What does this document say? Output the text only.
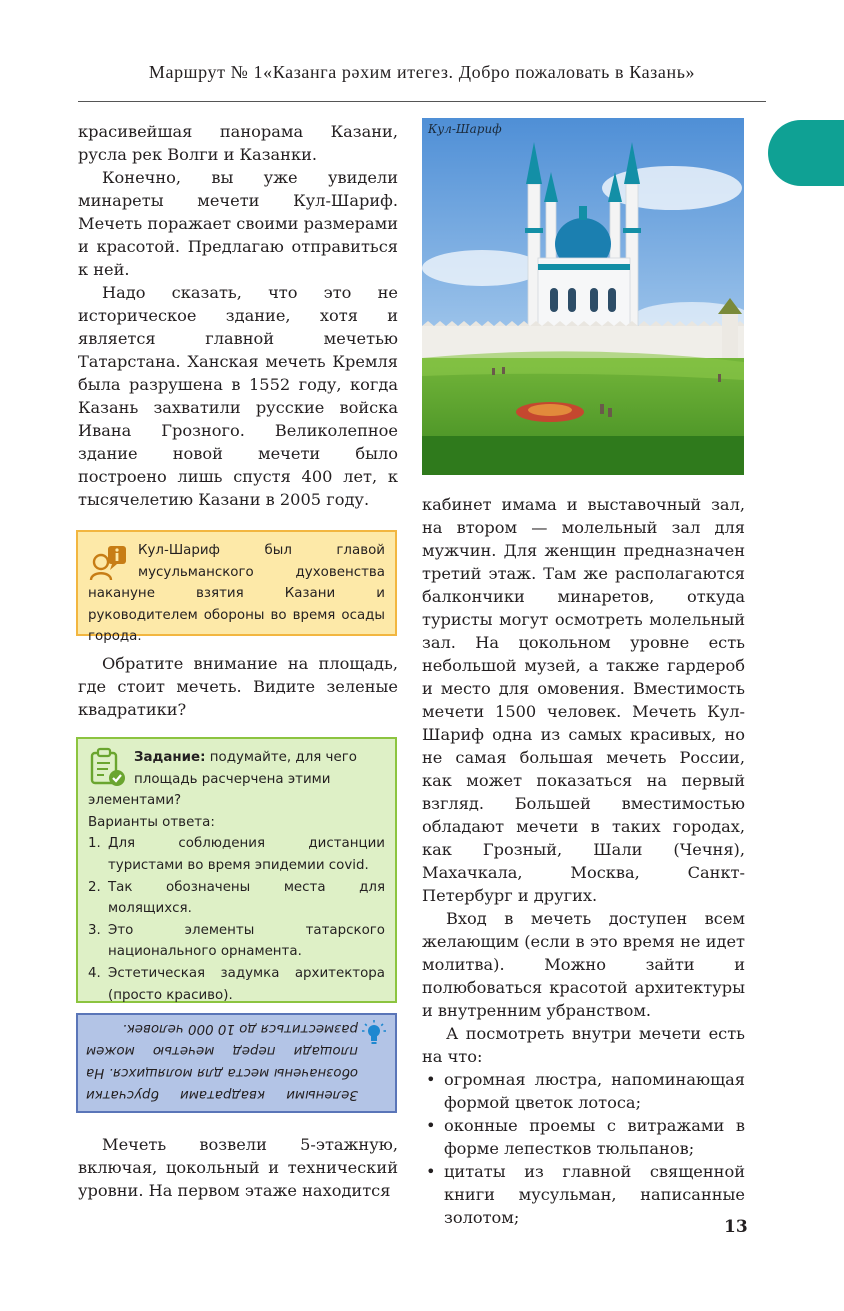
Маршрут № 1«Казанга рәхим итегез. Добро пожаловать в Казань»

красивейшая панорама Казани, русла рек Волги и Казанки.

Конечно, вы уже увидели минареты мечети Кул-Шариф. Мечеть поражает своими размерами и красотой. Предлагаю отправиться к ней.

Надо сказать, что это не историческое здание, хотя и является главной мечетью Татарстана. Ханская мечеть Кремля была разрушена в 1552 году, когда Казань захватили русские войска Ивана Грозного. Великолепное здание новой мечети было построено лишь спустя 400 лет, к тысячелетию Казани в 2005 году.

Кул-Шариф был главой мусульманского духовенства накануне взятия Казани и руководителем обороны во время осады города.

Обратите внимание на площадь, где стоит мечеть. Видите зеленые квадратики?

Задание: подумайте, для чего площадь расчерчена этими элементами?
Варианты ответа:
1. Для соблюдения дистанции туристами во время эпидемии covid.
2. Так обозначены места для молящихся.
3. Это элементы татарского национального орнамента.
4. Эстетическая задумка архитектора (просто красиво).
Зелеными квадратами брусчатки обозначены места для молящихся. На площади перед мечетью можем разместиться до 10 000 человек.

Мечеть возвели 5-этажную, включая, цокольный и технический уровни. На первом этаже находится

Кул-Шариф

кабинет имама и выставочный зал, на втором — молельный зал для мужчин. Для женщин предназначен третий этаж. Там же располагаются балкончики минаретов, откуда туристы могут осмотреть молельный зал. На цокольном уровне есть небольшой музей, а также гардероб и место для омовения. Вместимость мечети 1500 человек. Мечеть Кул-Шариф одна из самых красивых, но не самая большая мечеть России, как может показаться на первый взгляд. Большей вместимостью обладают мечети в таких городах, как Грозный, Шали (Чечня), Махачкала, Москва, Санкт-Петербург и других.

Вход в мечеть доступен всем желающим (если в это время не идет молитва). Можно зайти и полюбоваться красотой архитектуры и внутренним убранством.

А посмотреть внутри мечети есть на что:

• огромная люстра, напоминающая формой цветок лотоса;
• оконные проемы с витражами в форме лепестков тюльпанов;
• цитаты из главной священной книги мусульман, написанные золотом;	13
